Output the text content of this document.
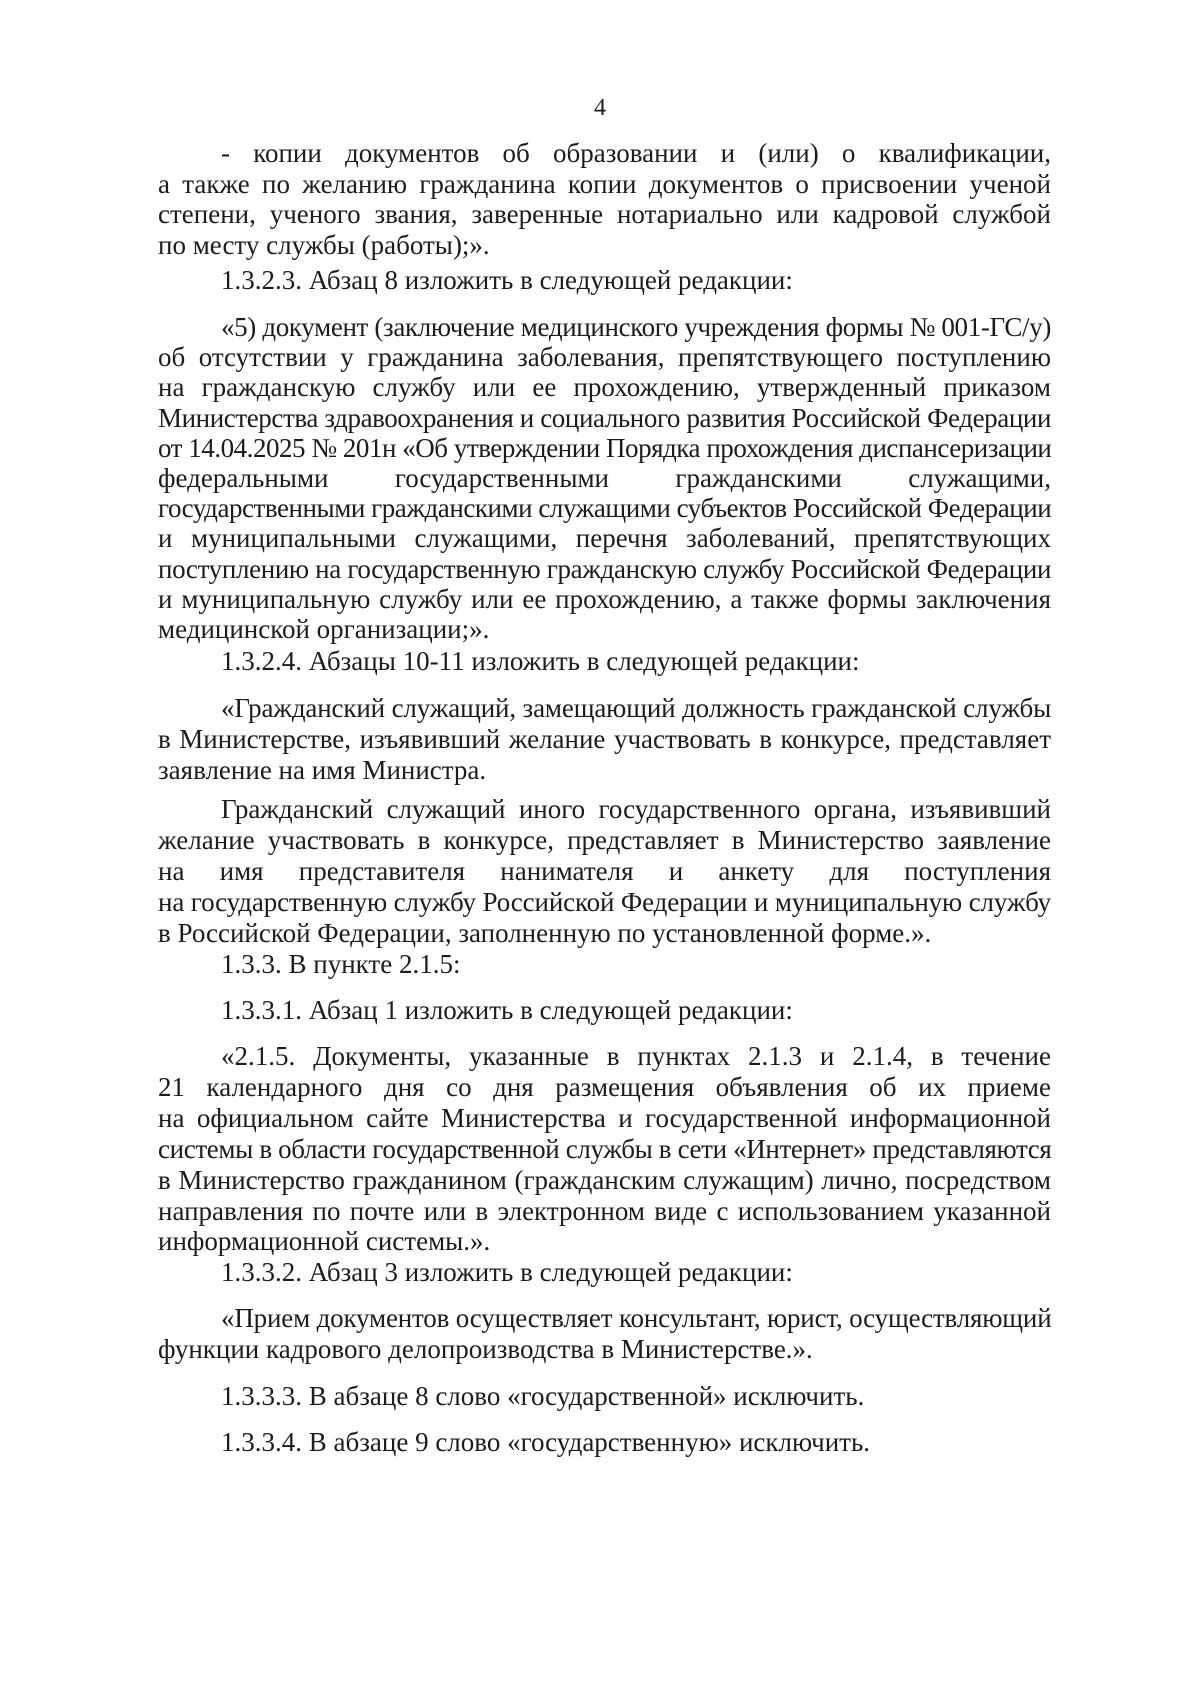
4
- копии документов об образовании и (или) о квалификации,
а также по желанию гражданина копии документов о присвоении ученой
степени, ученого звания, заверенные нотариально или кадровой службой
по месту службы (работы);».
1.3.2.3. Абзац 8 изложить в следующей редакции:
«5) документ (заключение медицинского учреждения формы № 001-ГС/у)
об отсутствии у гражданина заболевания, препятствующего поступлению
на гражданскую службу или ее прохождению, утвержденный приказом
Министерства здравоохранения и социального развития Российской Федерации
от 14.04.2025 № 201н «Об утверждении Порядка прохождения диспансеризации
федеральными государственными гражданскими служащими,
государственными гражданскими служащими субъектов Российской Федерации
и муниципальными служащими, перечня заболеваний, препятствующих
поступлению на государственную гражданскую службу Российской Федерации
и муниципальную службу или ее прохождению, а также формы заключения
медицинской организации;».
1.3.2.4. Абзацы 10-11 изложить в следующей редакции:
«Гражданский служащий, замещающий должность гражданской службы
в Министерстве, изъявивший желание участвовать в конкурсе, представляет
заявление на имя Министра.
Гражданский служащий иного государственного органа, изъявивший
желание участвовать в конкурсе, представляет в Министерство заявление
на имя представителя нанимателя и анкету для поступления
на государственную службу Российской Федерации и муниципальную службу
в Российской Федерации, заполненную по установленной форме.».
1.3.3. В пункте 2.1.5:
1.3.3.1. Абзац 1 изложить в следующей редакции:
«2.1.5. Документы, указанные в пунктах 2.1.3 и 2.1.4, в течение
21 календарного дня со дня размещения объявления об их приеме
на официальном сайте Министерства и государственной информационной
системы в области государственной службы в сети «Интернет» представляются
в Министерство гражданином (гражданским служащим) лично, посредством
направления по почте или в электронном виде с использованием указанной
информационной системы.».
1.3.3.2. Абзац 3 изложить в следующей редакции:
«Прием документов осуществляет консультант, юрист, осуществляющий
функции кадрового делопроизводства в Министерстве.».
1.3.3.3. В абзаце 8 слово «государственной» исключить.
1.3.3.4. В абзаце 9 слово «государственную» исключить.
